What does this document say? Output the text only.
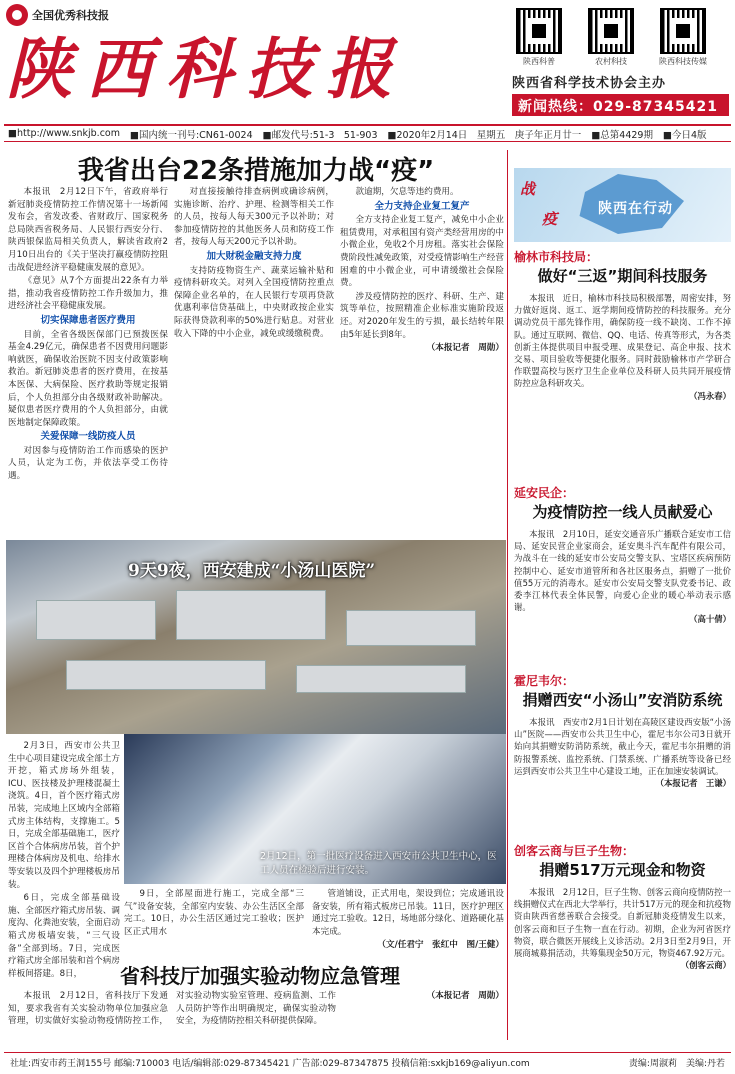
全国优秀科技报
陕西科技报	陕西科普	农村科技	陕西科技传媒
陕西省科学技术协会主办
新闻热线：029-87345421
■http://www.snkjb.com ■国内统一刊号:CN61-0024 ■邮发代号:51-3　51-903 ■2020年2月14日　星期五　庚子年正月廿一 ■总第4429期 ■今日4版
我省出台22条措施加力战“疫”

本报讯　2月12日下午，省政府举行新冠肺炎疫情防控工作情况第十一场新闻发布会，省发改委、省财政厅、国家税务总局陕西省税务局、人民银行西安分行、陕西银保监局相关负责人，解读省政府2月10日出台的《关于坚决打赢疫情防控阻击战促进经济平稳健康发展的意见》。

《意见》从7个方面提出22条有力举措，推动我省疫情防控工作升级加力，推进经济社会平稳健康发展。

切实保障患者医疗费用

目前，全省各级医保部门已预拨医保基金4.29亿元，确保患者不因费用问题影响就医，确保收治医院不因支付政策影响救治。新冠肺炎患者的医疗费用，在按基本医保、大病保险、医疗救助等规定报销后，个人负担部分由各级财政补助解决。疑似患者医疗费用的个人负担部分，由就医地制定保障政策。

关爱保障一线防疫人员

对因参与疫情防治工作而感染的医护人员，认定为工伤，并依法享受工伤待遇。

对直接接触待排查病例或确诊病例，实施诊断、治疗、护理、检测等相关工作的人员，按每人每天300元予以补助；对参加疫情防控的其他医务人员和防疫工作者，按每人每天200元予以补助。

加大财税金融支持力度

支持防疫物资生产、蔬菜运输补贴和疫情科研攻关。对列入全国疫情防控重点保障企业名单的，在人民银行专项再贷款优惠利率信贷基础上，中央财政按企业实际获得贷款利率的50%进行贴息。对营业收入下降的中小企业，减免或缓缴税费。

款逾期，欠息等违约费用。

全力支持企业复工复产

全方支持企业复工复产，减免中小企业租赁费用，对承租国有资产类经营用房的中小微企业，免收2个月房租。落实社会保险费阶段性减免政策，对受疫情影响生产经营困难的中小微企业，可申请缓缴社会保险费。

涉及疫情防控的医疗、科研、生产、建筑等单位，按照精准企业标准实施阶段返还。对2020年发生的亏损，最长结转年限由5年延长到8年。

（本报记者　周勋）

9天9夜，西安建成“小汤山医院”

2月3日，西安市公共卫生中心项目建设完成全部土方开挖，箱式房场外组装，ICU、医技楼及护理楼混凝土浇筑。4日，首个医疗箱式房吊装，完成地上区域内全部箱式房主体结构，支撑施工。5日，完成全部基础施工，医疗区首个合体病房吊装，首个护理楼合体病房及机电、给排水等安装以及四个护理楼板房吊装。

6日，完成全部基础设施、全部医疗箱式房吊装、调度沟、化粪池安装，全面启动箱式房板墙安装，“三气设备”全部到场。7日，完成医疗箱式房全部吊装和首个病房样板间搭建。8日，

2月12日，第一批医疗设备进入西安市公共卫生中心，医工人员在检验后进行安装。

9日，全部屋面进行施工，完成全部“三气”设备安装，全部室内安装、办公生活区全部完工。10日，办公生活区通过完工验收；医护区正式用水

管道铺设，正式用电，架设到位；完成通讯设备安装，所有箱式板房已吊装。11日，医疗护理区通过完工验收。12日，场地部分绿化、道路硬化基本完成。

（文/任君宁　张红中　图/王健）

省科技厅加强实验动物应急管理

本报讯　2月12日，省科技厅下发通知，要求我省有关实验动物单位加强应急管理，切实做好实验动物疫情防控工作，对实验动物实验室管理、疫病监测、工作人员防护等作出明确规定，确保实验动物安全，为疫情防控相关科研提供保障。

（本报记者　周勋）

战
疫
陕西在行动
榆林市科技局：
做好“三返”期间科技服务

本报讯　近日，榆林市科技局积极部署，周密安排，努力做好返岗、返工、返学期间疫情防控的科技服务。充分调动党员干部先锋作用，确保防疫一线不缺岗、工作不掉队。通过互联网、微信、QQ、电话、传真等形式，为各类创新主体提供项目申报受理、成果登记、高企申报、技术交易、项目验收等便捷化服务。同时鼓励榆林市产学研合作联盟高校与医疗卫生企业单位及科研人员共同开展疫情防控应急科研攻关。

（冯永春）

延安民企：
为疫情防控一线人员献爱心

本报讯　2月10日，延安交通音乐广播联合延安市工信局、延安民营企业家商会，延安奥斗汽车配件有限公司，为战斗在一线的延安市公安局交警支队、宝塔区疾病预防控制中心、延安市道管所和各社区服务点，捐赠了一批价值55万元的消毒水。延安市公安局交警支队党委书记、政委李江林代表全体民警，向爱心企业的暖心举动表示感谢。

（高十倩）

霍尼韦尔：
捐赠西安“小汤山”安消防系统

本报讯　西安市2月1日计划在高陵区建设西安版“小汤山”医院——西安市公共卫生中心，霍尼韦尔公司3日就开始向其捐赠安防消防系统，截止今天，霍尼韦尔捐赠的消防报警系统、监控系统、门禁系统、广播系统等设备已经运到西安市公共卫生中心建设工地，正在加速安装调试。

（本报记者　王谦）

创客云商与巨子生物：
捐赠517万元现金和物资

本报讯　2月12日，巨子生物、创客云商向疫情防控一线捐赠仪式在西北大学举行，共计517万元的现金和抗疫物资由陕西省慈善联合会接受。自新冠肺炎疫情发生以来，创客云商和巨子生物一直在行动。初期，企业为河省医疗物资，联合微医开展线上义诊活动。2月3日至2月9日，开展商城募捐活动，共筹集现金50万元，物资467.92万元。

（创客云商）

社址:西安市药王洞155号 邮编:710003 电话/编辑部:029-87345421 广告部:029-87347875 投稿信箱:sxkjb169@aliyun.com	责编:周淑莉　美编:丹若
